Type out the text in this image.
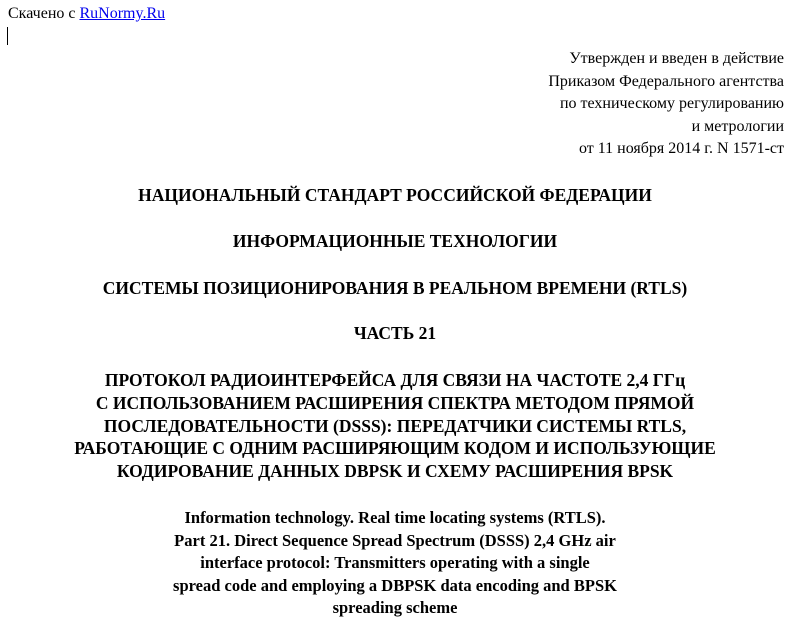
Скачено с RuNormy.Ru
Утвержден и введен в действие
Приказом Федерального агентства
по техническому регулированию
и метрологии
от 11 ноября 2014 г. N 1571-ст
НАЦИОНАЛЬНЫЙ СТАНДАРТ РОССИЙСКОЙ ФЕДЕРАЦИИ
ИНФОРМАЦИОННЫЕ ТЕХНОЛОГИИ
СИСТЕМЫ ПОЗИЦИОНИРОВАНИЯ В РЕАЛЬНОМ ВРЕМЕНИ (RTLS)
ЧАСТЬ 21
ПРОТОКОЛ РАДИОИНТЕРФЕЙСА ДЛЯ СВЯЗИ НА ЧАСТОТЕ 2,4 ГГц
С ИСПОЛЬЗОВАНИЕМ РАСШИРЕНИЯ СПЕКТРА МЕТОДОМ ПРЯМОЙ
ПОСЛЕДОВАТЕЛЬНОСТИ (DSSS): ПЕРЕДАТЧИКИ СИСТЕМЫ RTLS,
РАБОТАЮЩИЕ С ОДНИМ РАСШИРЯЮЩИМ КОДОМ И ИСПОЛЬЗУЮЩИЕ
КОДИРОВАНИЕ ДАННЫХ DBPSK И СХЕМУ РАСШИРЕНИЯ BPSK
Information technology. Real time locating systems (RTLS).
Part 21. Direct Sequence Spread Spectrum (DSSS) 2,4 GHz air
interface protocol: Transmitters operating with a single
spread code and employing a DBPSK data encoding and BPSK
spreading scheme
